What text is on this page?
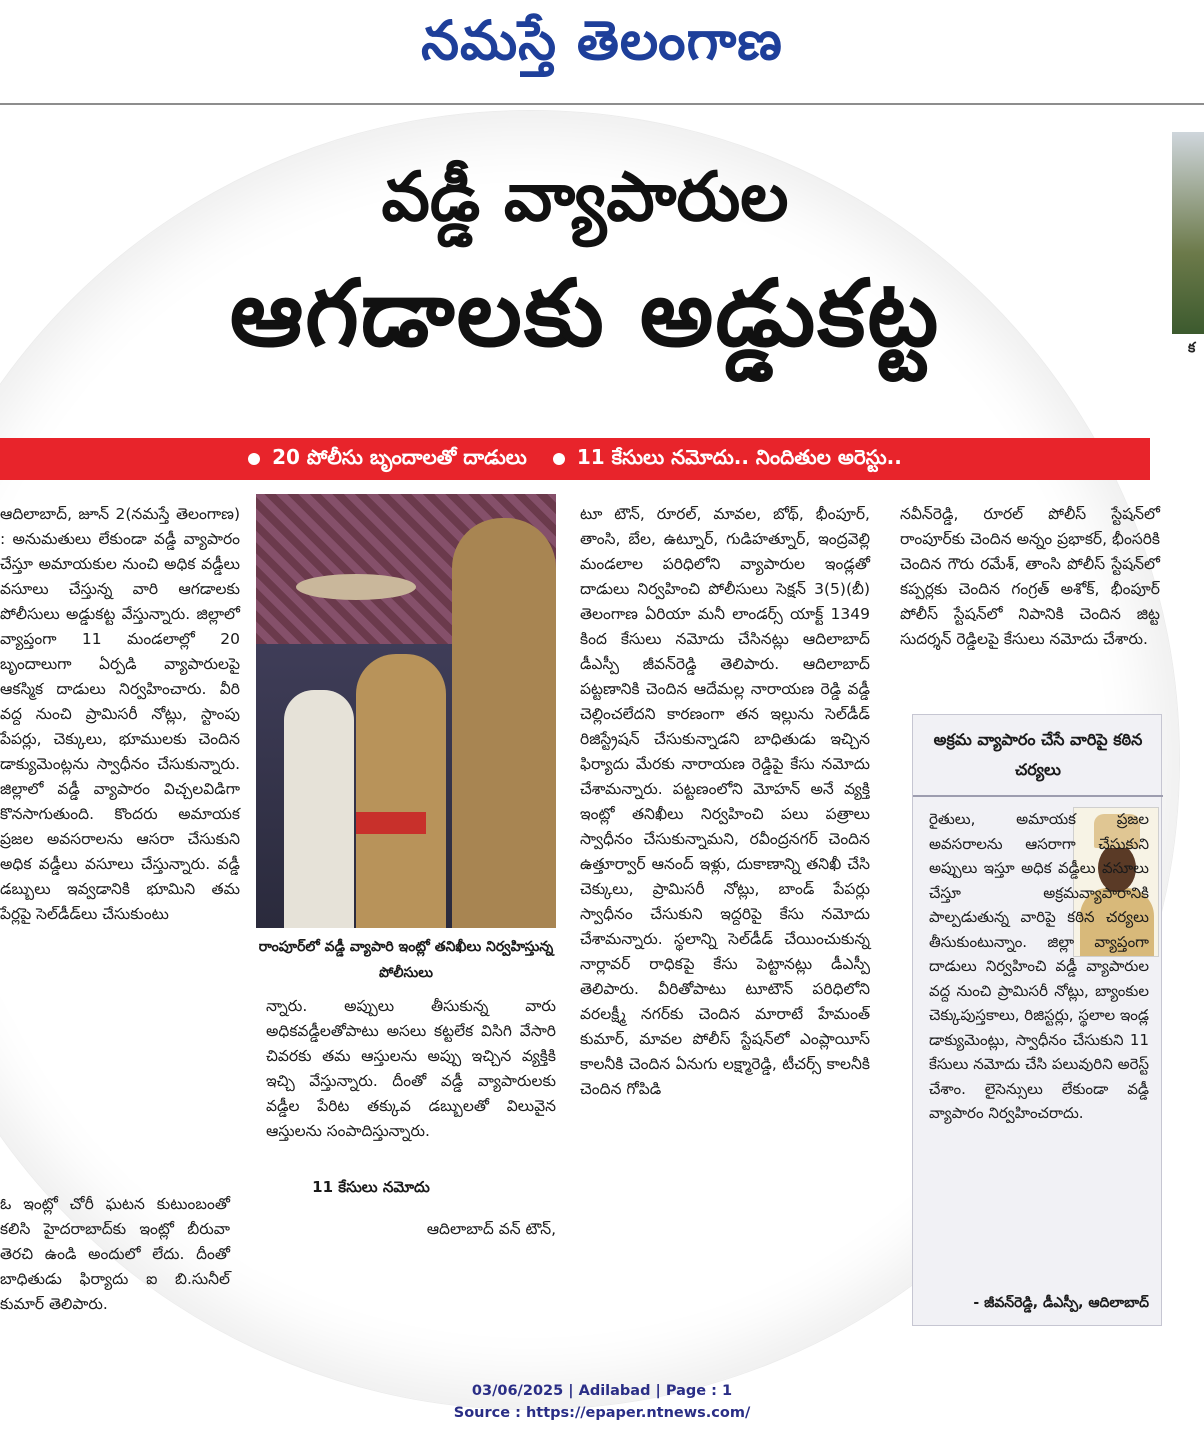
నమస్తే తెలంగాణ
వడ్డీ వ్యాపారుల
ఆగడాలకు అడ్డుకట్ట	క
20 పోలీసు బృందాలతో దాడులు	11 కేసులు నమోదు.. నిందితుల అరెస్టు..
ఆదిలాబాద్, జూన్ 2(నమస్తే తెలంగాణ) : అనుమతులు లేకుండా వడ్డీ వ్యాపారం చేస్తూ అమాయకుల నుంచి అధిక వడ్డీలు వసూలు చేస్తున్న వారి ఆగడాలకు పోలీసులు అడ్డుకట్ట వేస్తున్నారు. జిల్లాలో వ్యాప్తంగా 11 మండలాల్లో 20 బృందాలుగా ఏర్పడి వ్యాపారులపై ఆకస్మిక దాడులు నిర్వహించారు. వీరి వద్ద నుంచి ప్రామిసరీ నోట్లు, స్టాంపు పేపర్లు, చెక్కులు, భూములకు చెందిన డాక్యుమెంట్లను స్వాధీనం చేసుకున్నారు. జిల్లాలో వడ్డీ వ్యాపారం విచ్చలవిడిగా కొనసాగుతుంది. కొందరు అమాయక ప్రజల అవసరాలను ఆసరా చేసుకుని అధిక వడ్డీలు వసూలు చేస్తున్నారు. వడ్డీ డబ్బులు ఇవ్వడానికి భూమిని తమ పేర్లపై సెల్‌డీడ్‌లు చేసుకుంటు
ఓ ఇంట్లో చోరీ ఘటన కుటుంబంతో కలిసి హైదరాబాద్‌కు ఇంట్లో బీరువా తెరచి ఉండి అందులో లేదు. దీంతో బాధితుడు ఫిర్యాదు ఐ బి.సునీల్ కుమార్ తెలిపారు.
రాంపూర్‌లో వడ్డీ వ్యాపారి ఇంట్లో తనిఖీలు నిర్వహిస్తున్న పోలీసులు
న్నారు. అప్పులు తీసుకున్న వారు అధికవడ్డీలతోపాటు అసలు కట్టలేక విసిగి వేసారి చివరకు తమ ఆస్తులను అప్పు ఇచ్చిన వ్యక్తికి ఇచ్చి వేస్తున్నారు. దీంతో వడ్డీ వ్యాపారులకు వడ్డీల పేరిట తక్కువ డబ్బులతో విలువైన ఆస్తులను సంపాదిస్తున్నారు.
11 కేసులు నమోదు
ఆదిలాబాద్ వన్ టౌన్,
టూ టౌన్, రూరల్, మావల, బోథ్, భీంపూర్, తాంసి, బేల, ఉట్నూర్, గుడిహత్నూర్, ఇంద్రవెల్లి మండలాల పరిధిలోని వ్యాపారుల ఇండ్లతో దాడులు నిర్వహించి పోలీసులు సెక్షన్ 3(5)(బీ) తెలంగాణ ఏరియా మనీ లాండర్స్ యాక్ట్ 1349 కింద కేసులు నమోదు చేసినట్లు ఆదిలాబాద్ డీఎస్పీ జీవన్‌రెడ్డి తెలిపారు. ఆదిలాబాద్ పట్టణానికి చెందిన ఆదేమల్ల నారాయణ రెడ్డి వడ్డీ చెల్లించలేదని కారణంగా తన ఇల్లును సెల్‌డీడ్ రిజిస్ట్రేషన్ చేసుకున్నాడని బాధితుడు ఇచ్చిన ఫిర్యాదు మేరకు నారాయణ రెడ్డిపై కేసు నమోదు చేశామన్నారు. పట్టణంలోని మోహన్ అనే వ్యక్తి ఇంట్లో తనిఖీలు నిర్వహించి పలు పత్రాలు స్వాధీనం చేసుకున్నామని, రవీంద్రనగర్ చెందిన ఉత్తూర్వార్ ఆనంద్ ఇళ్లు, దుకాణాన్ని తనిఖీ చేసి చెక్కులు, ప్రామిసరీ నోట్లు, బాండ్ పేపర్లు స్వాధీనం చేసుకుని ఇద్దరిపై కేసు నమోదు చేశామన్నారు. స్థలాన్ని సెల్‌డీడ్ చేయించుకున్న నార్లావర్ రాధికపై కేసు పెట్టానట్లు డీఎస్పీ తెలిపారు. వీరితోపాటు టూటౌన్ పరిధిలోని వరలక్ష్మీ నగర్‌కు చెందిన మారాటే హేమంత్ కుమార్, మావల పోలీస్ స్టేషన్‌లో ఎంప్లాయీస్ కాలనీకి చెందిన ఏనుగు లక్ష్మారెడ్డి, టీచర్స్ కాలనీకి చెందిన గోపిడి
నవీన్‌రెడ్డి, రూరల్ పోలీస్ స్టేషన్‌లో రాంపూర్‌కు చెందిన అన్నం ప్రభాకర్, భీంసరికి చెందిన గౌరు రమేశ్, తాంసి పోలీస్ స్టేషన్‌లో కప్పర్లకు చెందిన గంగ్రత్ అశోక్, భీంపూర్ పోలీస్ స్టేషన్‌లో నిపానికి చెందిన జిట్ట సుదర్శన్ రెడ్డిలపై కేసులు నమోదు చేశారు.
అక్రమ వ్యాపారం చేసే వారిపై కఠిన చర్యలు
రైతులు, అమాయక ప్రజల అవసరాలను ఆసరాగా చేసుకుని అప్పులు ఇస్తూ అధిక వడ్డీలు వసూలు చేస్తూ అక్రమవ్యాపారానికి పాల్పడుతున్న వారిపై కఠిన చర్యలు తీసుకుంటున్నాం. జిల్లా వ్యాప్తంగా దాడులు నిర్వహించి వడ్డీ వ్యాపారుల వద్ద నుంచి ప్రామిసరీ నోట్లు, బ్యాంకుల చెక్కుపుస్తకాలు, రిజిస్టర్లు, స్థలాల ఇండ్ల డాక్యుమెంట్లు, స్వాధీనం చేసుకుని 11 కేసులు నమోదు చేసి పలువురిని అరెస్ట్ చేశాం. లైసెన్సులు లేకుండా వడ్డీ వ్యాపారం నిర్వహించరాదు.
- జీవన్‌రెడ్డి, డీఎస్పీ, ఆదిలాబాద్
03/06/2025 | Adilabad | Page : 1
Source : https://epaper.ntnews.com/
